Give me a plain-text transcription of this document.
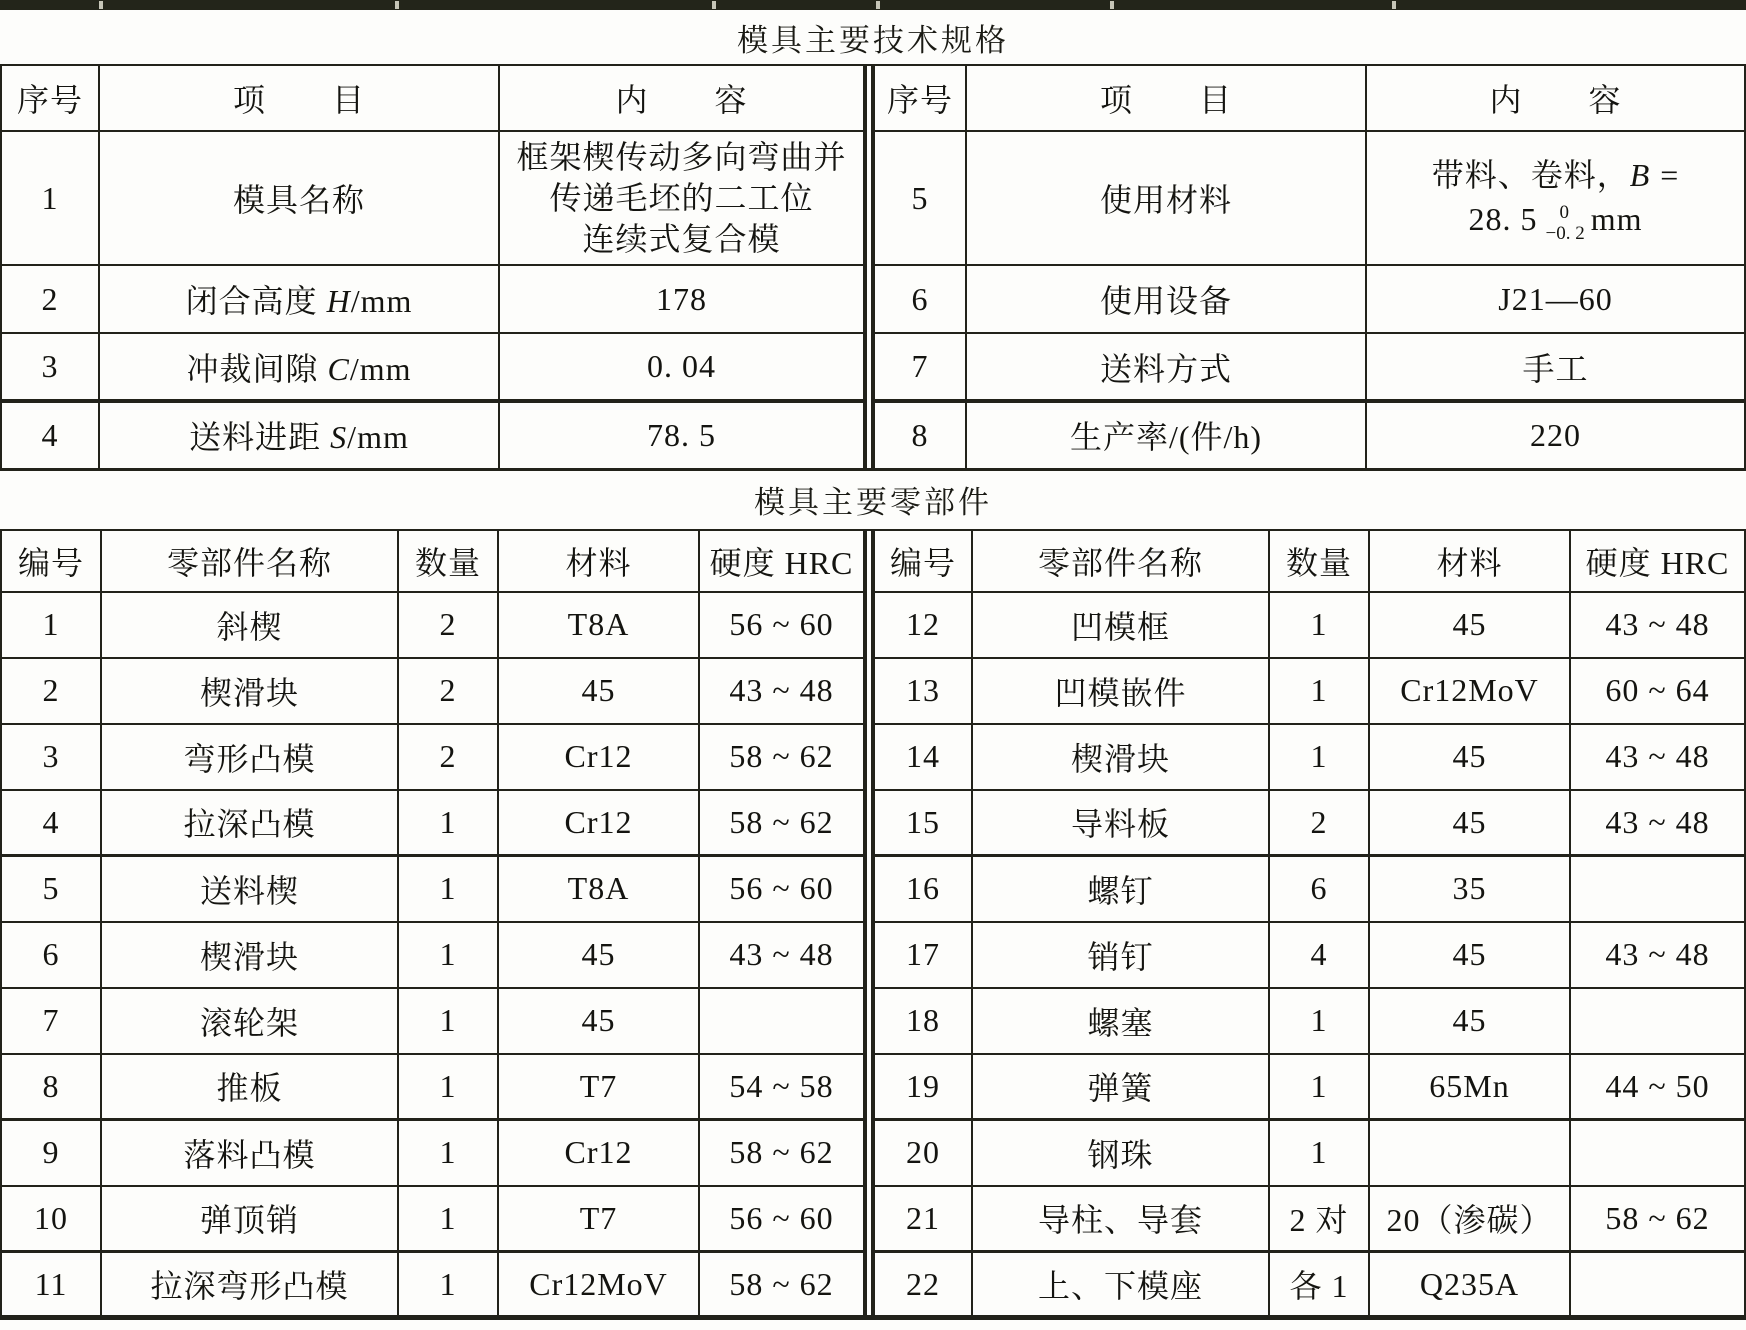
模具主要技术规格
序号	项　　目	内　　容
1	模具名称	框架楔传动多向弯曲并
传递毛坯的二工位
连续式复合模

2	闭合高度 H/mm	178
3	冲裁间隙 C/mm	0. 04
4	送料进距 S/mm	78. 5
序号	项　　目	内　　容
5	使用材料	带料、卷料，B =
28. 5 0
−0. 2 mm

6	使用设备	J21—60
7	送料方式	手工
8	生产率/(件/h)	220
模具主要零部件
编号	零部件名称	数量	材料	硬度 HRC
1	斜楔	2	T8A	56 ~ 60
2	楔滑块	2	45	43 ~ 48
3	弯形凸模	2	Cr12	58 ~ 62
4	拉深凸模	1	Cr12	58 ~ 62
5	送料楔	1	T8A	56 ~ 60
6	楔滑块	1	45	43 ~ 48
7	滚轮架	1	45	
8	推板	1	T7	54 ~ 58
9	落料凸模	1	Cr12	58 ~ 62
10	弹顶销	1	T7	56 ~ 60
11	拉深弯形凸模	1	Cr12MoV	58 ~ 62
编号	零部件名称	数量	材料	硬度 HRC
12	凹模框	1	45	43 ~ 48
13	凹模嵌件	1	Cr12MoV	60 ~ 64
14	楔滑块	1	45	43 ~ 48
15	导料板	2	45	43 ~ 48
16	螺钉	6	35	
17	销钉	4	45	43 ~ 48
18	螺塞	1	45	
19	弹簧	1	65Mn	44 ~ 50
20	钢珠	1		
21	导柱、导套	2 对	20（渗碳）	58 ~ 62
22	上、下模座	各 1	Q235A	
